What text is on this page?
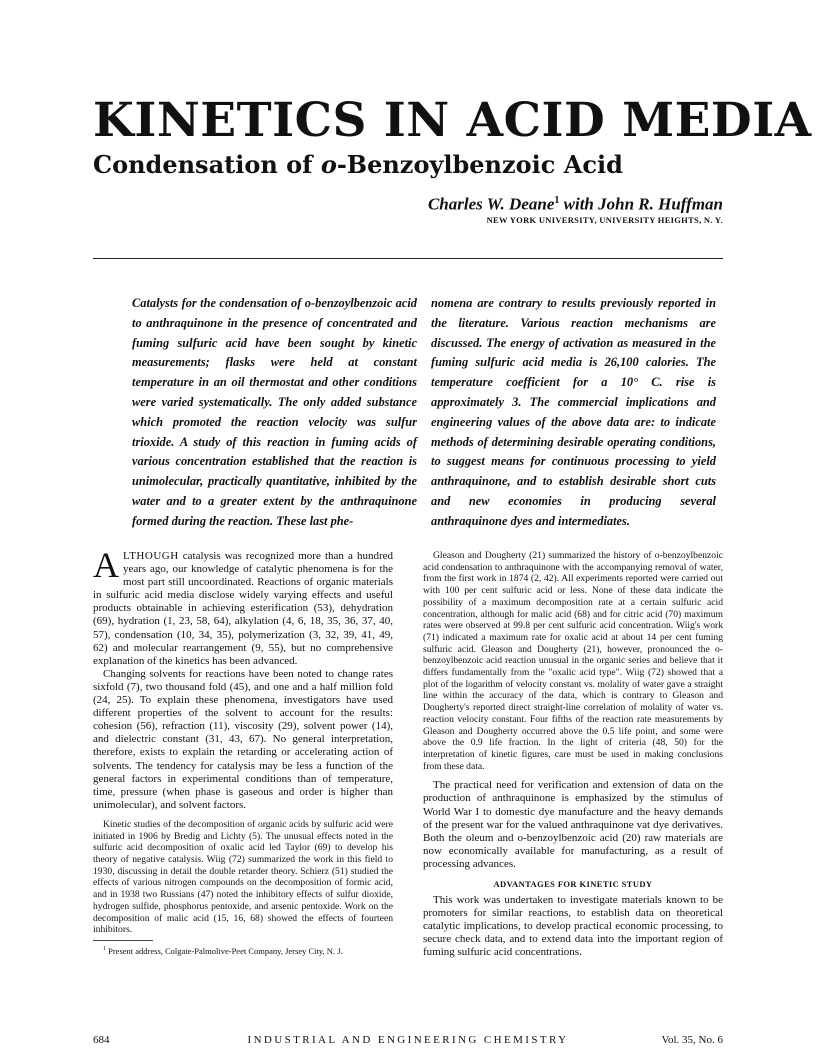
KINETICS IN ACID MEDIA
Condensation of o-Benzoylbenzoic Acid
Charles W. Deane$^1$ with John R. Huffman
NEW YORK UNIVERSITY, UNIVERSITY HEIGHTS, N. Y.

Catalysts for the condensation of o-benzoylbenzoic acid to anthraquinone in the presence of concentrated and fuming sulfuric acid have been sought by kinetic measurements; flasks were held at constant temperature in an oil thermostat and other conditions were varied systematically. The only added substance which promoted the reaction velocity was sulfur trioxide. A study of this reaction in fuming acids of various concentration established that the reaction is unimolecular, practically quantitative, inhibited by the water and to a greater extent by the anthraquinone formed during the reaction. These last phe-

nomena are contrary to results previously reported in the literature. Various reaction mechanisms are discussed. The energy of activation as measured in the fuming sulfuric acid media is 26,100 calories. The temperature coefficient for a 10° C. rise is approximately 3. The commercial implications and engineering values of the above data are: to indicate methods of determining desirable operating conditions, to suggest means for continuous processing to yield anthraquinone, and to establish desirable short cuts and new economies in producing several anthraquinone dyes and intermediates.

ALTHOUGH catalysis was recognized more than a hundred years ago, our knowledge of catalytic phenomena is for the most part still uncoordinated. Reactions of organic materials in sulfuric acid media disclose widely varying effects and useful products obtainable in achieving esterification (53), dehydration (69), hydration (1, 23, 58, 64), alkylation (4, 6, 18, 35, 36, 37, 40, 57), condensation (10, 34, 35), polymerization (3, 32, 39, 41, 49, 62) and molecular rearrangement (9, 55), but no comprehensive explanation of the kinetics has been advanced.

Changing solvents for reactions have been noted to change rates sixfold (7), two thousand fold (45), and one and a half million fold (24, 25). To explain these phenomena, investigators have used different properties of the solvent to account for the results: cohesion (56), refraction (11), viscosity (29), solvent power (14), and dielectric constant (31, 43, 67). No general interpretation, therefore, exists to explain the retarding or accelerating action of solvents. The tendency for catalysis may be less a function of the general factors in experimental conditions than of temperature, time, pressure (when phase is gaseous and order is higher than unimolecular), and solvent factors.

Kinetic studies of the decomposition of organic acids by sulfuric acid were initiated in 1906 by Bredig and Lichty (5). The unusual effects noted in the sulfuric acid decomposition of oxalic acid led Taylor (69) to develop his theory of negative catalysis. Wiig (72) summarized the work in this field to 1930, discussing in detail the double retarder theory. Schierz (51) studied the effects of various nitrogen compounds on the decomposition of formic acid, and in 1938 two Russians (47) noted the inhibitory effects of sulfur dioxide, hydrogen sulfide, phosphorus pentoxide, and arsenic pentoxide. Work on the decomposition of malic acid (15, 16, 68) showed the effects of fourteen inhibitors.

$^1$ Present address, Colgate-Palmolive-Peet Company, Jersey City, N. J.

Gleason and Dougherty (21) summarized the history of o-benzoylbenzoic acid condensation to anthraquinone with the accompanying removal of water, from the first work in 1874 (2, 42). All experiments reported were carried out with 100 per cent sulfuric acid or less. None of these data indicate the possibility of a maximum decomposition rate at a certain sulfuric acid concentration, although for malic acid (68) and for citric acid (70) maximum rates were observed at 99.8 per cent sulfuric acid concentration. Wiig's work (71) indicated a maximum rate for oxalic acid at about 14 per cent fuming sulfuric acid. Gleason and Dougherty (21), however, pronounced the o-benzoylbenzoic acid reaction unusual in the organic series and believe that it differs fundamentally from the "oxalic acid type". Wiig (72) showed that a plot of the logarithm of velocity constant vs. molality of water gave a straight line within the accuracy of the data, which is contrary to Gleason and Dougherty's reported direct straight-line correlation of molality of water vs. reaction velocity constant. Four fifths of the reaction rate measurements by Gleason and Dougherty occurred above the 0.5 life point, and some were above the 0.9 life fraction. In the light of criteria (48, 50) for the interpretation of kinetic figures, care must be used in making conclusions from these data.

The practical need for verification and extension of data on the production of anthraquinone is emphasized by the stimulus of World War I to domestic dye manufacture and the heavy demands of the present war for the valued anthraquinone vat dye derivatives. Both the oleum and o-benzoylbenzoic acid (20) raw materials are now economically available for manufacturing, as a result of processing advances.

ADVANTAGES FOR KINETIC STUDY

This work was undertaken to investigate materials known to be promoters for similar reactions, to establish data on theoretical catalytic implications, to develop practical economic processing, to secure check data, and to extend data into the important region of fuming sulfuric acid concentrations.

684	INDUSTRIAL AND ENGINEERING CHEMISTRY	Vol. 35, No. 6
